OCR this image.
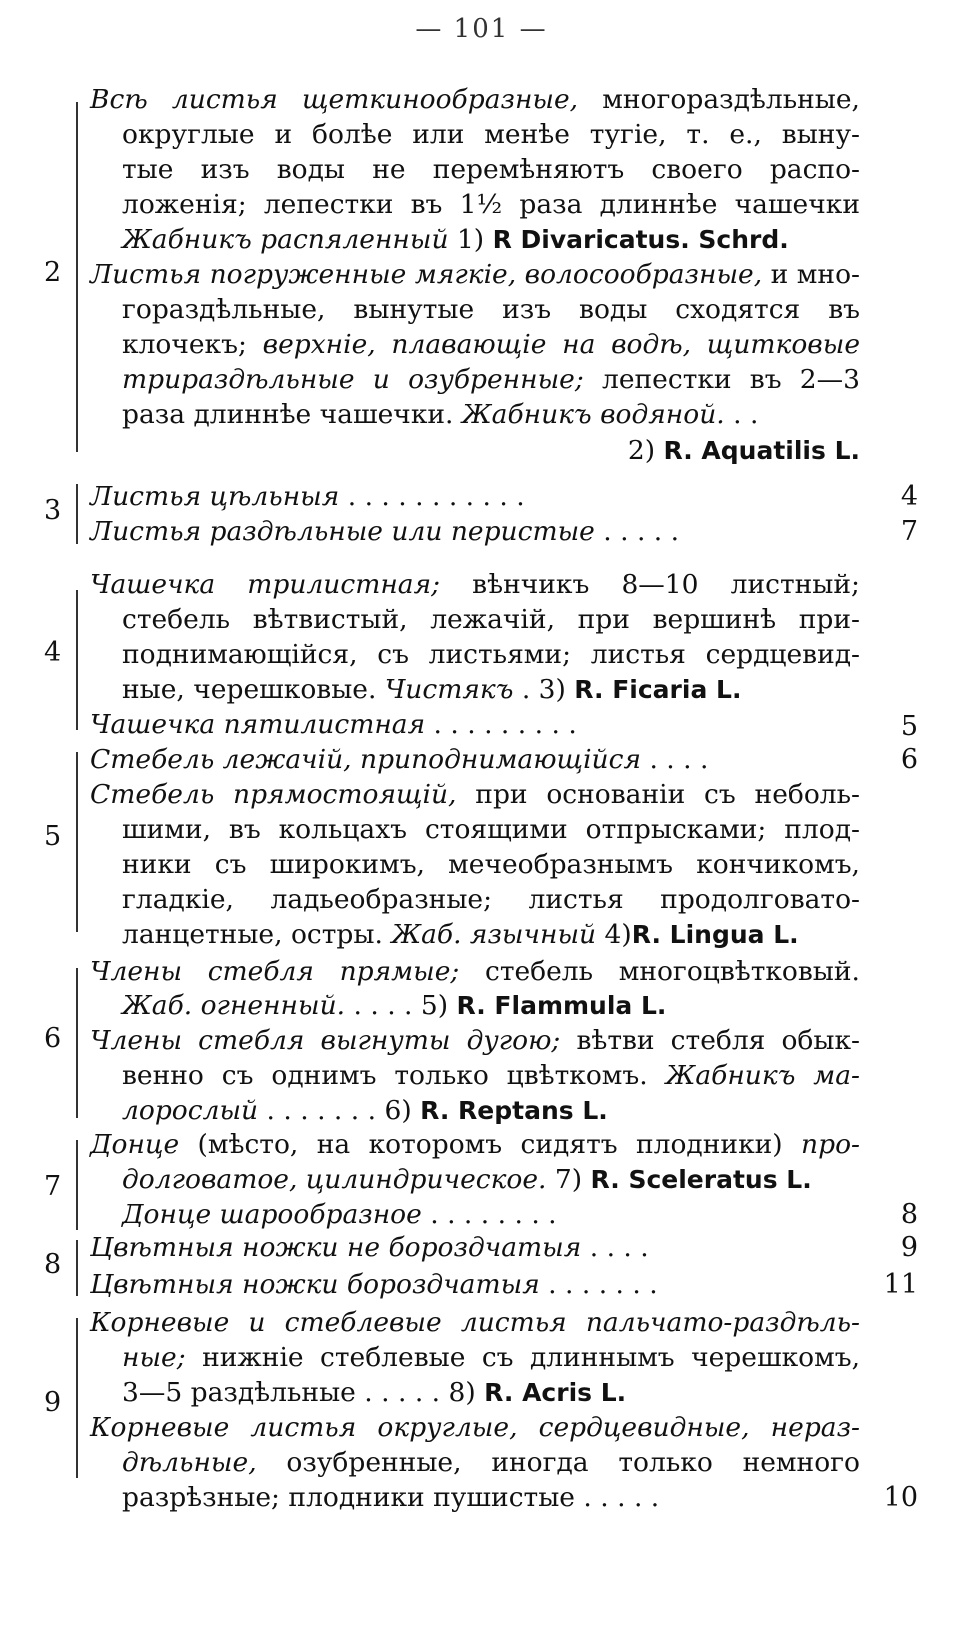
— 101 —
2
Всѣ листья щеткинообразные, многораздѣльные,
округлые и болѣе или менѣе тугіе, т. е., выну-
тые изъ воды не перемѣняютъ своего распо-
ложенія; лепестки въ 1½ раза длиннѣе чашечки
Жабникъ распяленный 1) R Divaricatus. Schrd.
Листья погруженные мягкіе, волосообразные, и мно-
гораздѣльные, вынутые изъ воды сходятся въ
клочекъ; верхніе, плавающіе на водѣ, щитковые
трираздѣльные и озубренные; лепестки въ 2—3
раза длиннѣе чашечки. Жабникъ водяной. . .
2) R. Aquatilis L.
3 Листья цѣльныя . . . . . . . . . . .	4
Листья раздѣльные или перистые . . . . .	7
4
Чашечка трилистная; вѣнчикъ 8—10 листный;
стебель вѣтвистый, лежачій, при вершинѣ при-
поднимающійся, съ листьями; листья сердцевид-
ные, черешковые. Чистякъ . 3) R. Ficaria L.
Чашечка пятилистная . . . . . . . . .	5
5
Стебель лежачій, приподнимающійся . . . .	6
Стебель прямостоящій, при основаніи съ неболь-
шими, въ кольцахъ стоящими отпрысками; плод-
ники съ широкимъ, мечеобразнымъ кончикомъ,
гладкіе, ладьеобразные; листья продолговато-
ланцетные, остры. Жаб. язычный 4)R. Lingua L.
6
Члены стебля прямые; стебель многоцвѣтковый.
Жаб. огненный. . . . . 5) R. Flammula L.
Члены стебля выгнуты дугою; вѣтви стебля обык-
венно съ однимъ только цвѣткомъ. Жабникъ ма-
лорослый . . . . . . . 6) R. Reptans L.
7
Донце (мѣсто, на которомъ сидятъ плодники) про-
долговатое, цилиндрическое. 7) R. Sceleratus L.
Донце шарообразное . . . . . . . .	8
8
Цвѣтныя ножки не бороздчатыя . . . .	9
Цвѣтныя ножки бороздчатыя . . . . . . .	11
9
Корневые и стеблевые листья пальчато-раздѣль-
ные; нижніе стеблевые съ длиннымъ черешкомъ,
3—5 раздѣльные . . . . . 8) R. Acris L.
Корневые листья округлые, сердцевидные, нераз-
дѣльные, озубренные, иногда только немного
разрѣзные; плодники пушистые . . . . .	10
